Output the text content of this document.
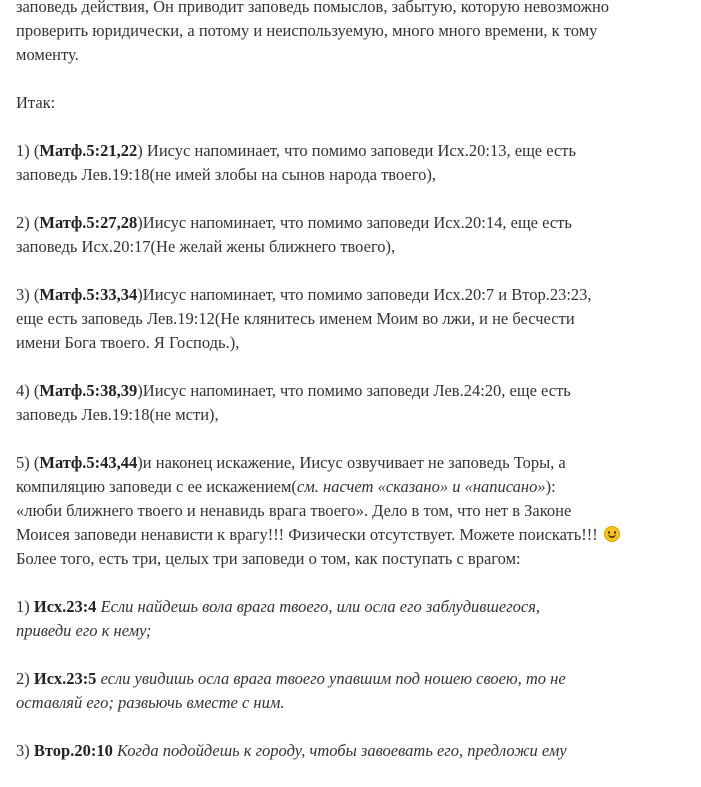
заповедь действия, Он приводит заповедь помыслов, забытую, которую невозможно
проверить юридически, а потому и неиспользуемую, много много времени, к тому
моменту.

Итак:

1) (Матф.5:21,22) Иисус напоминает, что помимо заповеди Исх.20:13, еще есть
заповедь Лев.19:18(не имей злобы на сынов народа твоего),

2) (Матф.5:27,28)Иисус напоминает, что помимо заповеди Исх.20:14, еще есть
заповедь Исх.20:17(Не желай жены ближнего твоего),

3) (Матф.5:33,34)Иисус напоминает, что помимо заповеди Исх.20:7 и Втор.23:23,
еще есть заповедь Лев.19:12(Не клянитесь именем Моим во лжи, и не бесчести
имени Бога твоего. Я Господь.),

4) (Матф.5:38,39)Иисус напоминает, что помимо заповеди Лев.24:20, еще есть
заповедь Лев.19:18(не мсти),

5) (Матф.5:43,44)и наконец искажение, Иисус озвучивает не заповедь Торы, а
компиляцию заповеди с ее искажением(см. насчет «сказано» и «написано»):
«люби ближнего твоего и ненавидь врага твоего». Дело в том, что нет в Законе
Моисея заповеди ненависти к врагу!!! Физически отсутствует. Можете поискать!!!
Более того, есть три, целых три заповеди о том, как поступать с врагом:

1) Исх.23:4 Если найдешь вола врага твоего, или осла его заблудившегося,
приведи его к нему;

2) Исх.23:5 если увидишь осла врага твоего упавшим под ношею своею, то не
оставляй его; развьючь вместе с ним.

3) Втор.20:10 Когда подойдешь к городу, чтобы завоевать его, предложи ему
